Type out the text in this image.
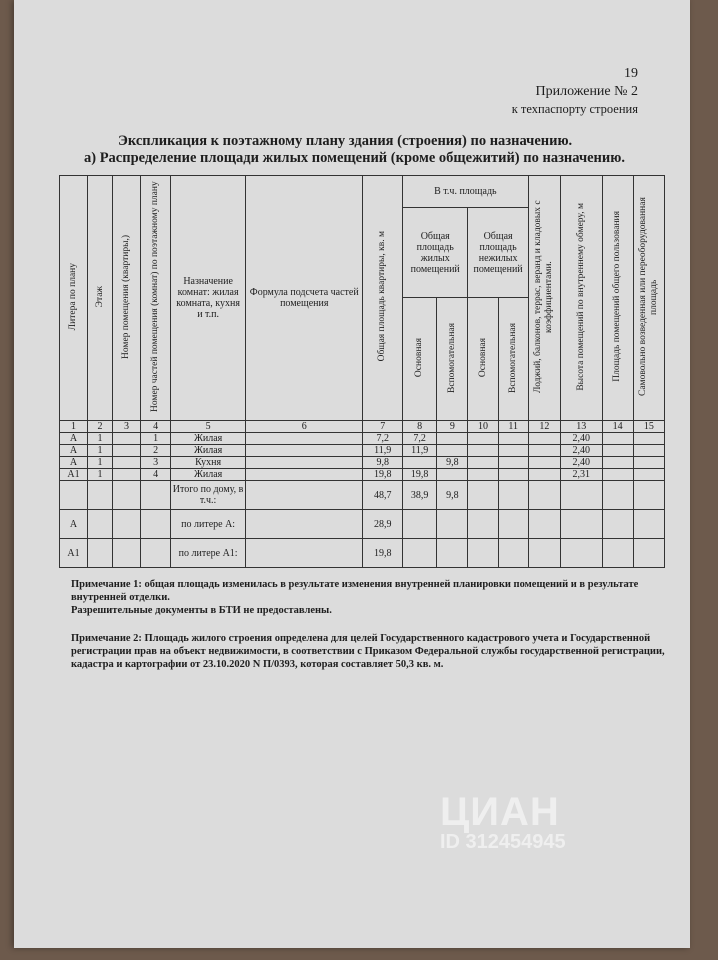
19
Приложение № 2
к техпаспорту строения
Экспликация к поэтажному плану здания (строения) по назначению.
а) Распределение площади жилых помещений (кроме общежитий) по назначению.
Литера по плану	Этаж	Номер помещения (квартиры,)	Номер частей помещения (комнат) по поэтажному плану	Назначение комнат: жилая комната, кухня и т.п.	Формула подсчета частей помещения	Общая площадь квартиры, кв. м	В т.ч. площадь				Лоджий, балконов, террас, веранд и кладовых с коэффициентами.	Высота помещений по внутреннему обмеру, м	Площадь помещений общего пользования	Самовольно возведенная или переоборудованная площадь

							Общая площадь жилых помещений		Общая площадь нежилых помещений					

							Основная	Вспомогательная	Основная	Вспомогательная				
1	2	3	4	5	6	7	8	9	10	11	12	13	14	15
А	1		1	Жилая		7,2	7,2					2,40		
А	1		2	Жилая		11,9	11,9					2,40		
А	1		3	Кухня		9,8		9,8				2,40		
А1	1		4	Жилая		19,8	19,8					2,31		
				Итого по дому, в т.ч.:		48,7	38,9	9,8						
А				по литере А:		28,9								
А1				по литере А1:		19,8								
Примечание 1: общая площадь изменилась в результате изменения внутренней планировки помещений и в результате внутренней отделки.
Разрешительные документы в БТИ не предоставлены.
Примечание 2: Площадь жилого строения определена для целей Государственного кадастрового учета и Государственной регистрации прав на объект недвижимости, в соответствии с Приказом Федеральной службы государственной регистрации, кадастра и картографии от 23.10.2020 N П/0393, которая составляет 50,3 кв. м.
ЦИАН
ID 312454945
